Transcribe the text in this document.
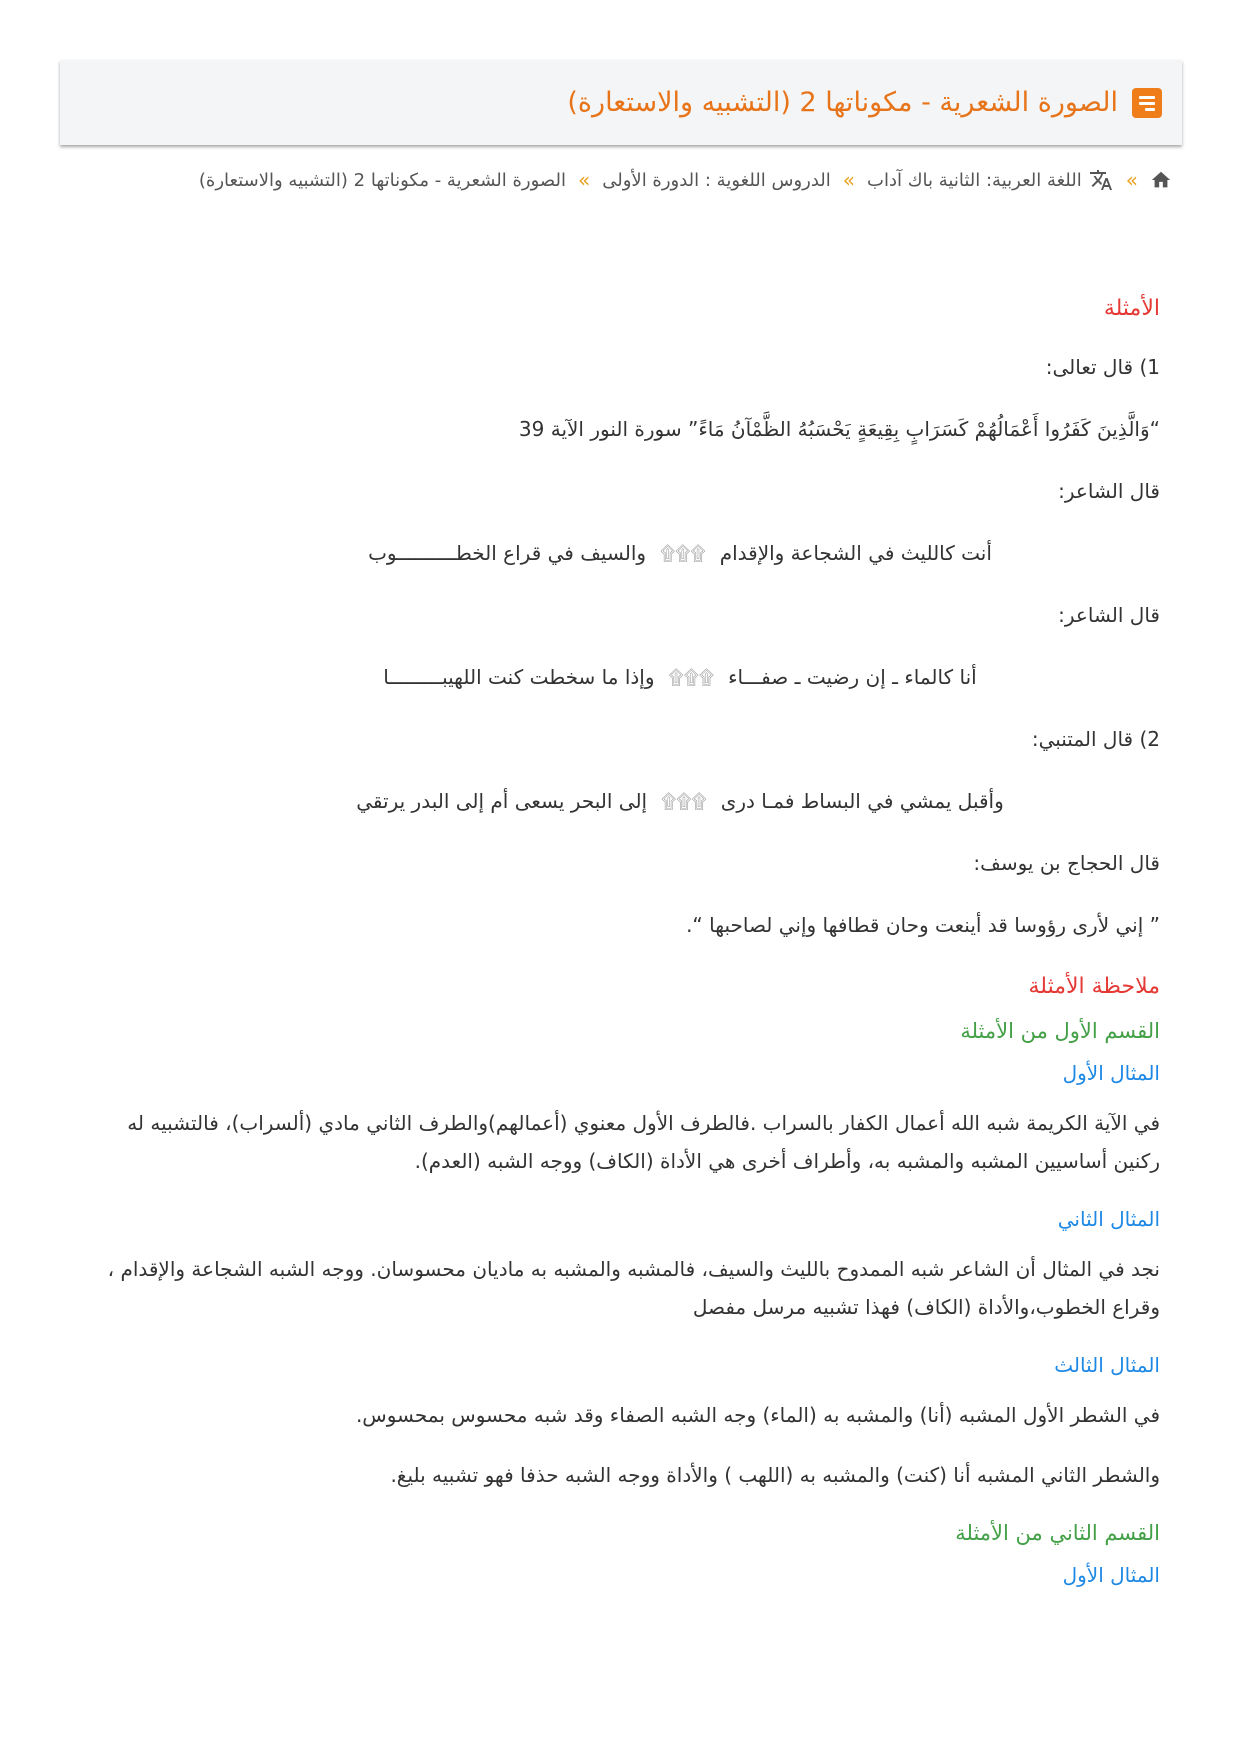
الصورة الشعرية - مكوناتها 2 (التشبيه والاستعارة)
»
اللغة العربية: الثانية باك آداب
»
الدروس اللغوية : الدورة الأولى
»
الصورة الشعرية - مكوناتها 2 (التشبيه والاستعارة)

الأمثلة

1) قال تعالى:

“وَالَّذِينَ كَفَرُوا أَعْمَالُهُمْ كَسَرَابٍ بِقِيعَةٍ يَحْسَبُهُ الظَّمْآنُ مَاءً” سورة النور الآية 39

قال الشاعر:

أنت كالليث في الشجاعة والإقدام۩۩۩والسيف في قراع الخطــــــــــوب

قال الشاعر:

أنا كالماء ـ إن رضيت ـ صفـــاء۩۩۩وإذا ما سخطت كنت اللهيبـــــــــا

2) قال المتنبي:

وأقبل يمشي في البساط فمـا درى۩۩۩إلى البحر يسعى أم إلى البدر يرتقي

قال الحجاج بن يوسف:

” إني لأرى رؤوسا قد أينعت وحان قطافها وإني لصاحبها “.

ملاحظة الأمثلة

القسم الأول من الأمثلة

المثال الأول

في الآية الكريمة شبه الله أعمال الكفار بالسراب .فالطرف الأول معنوي (أعمالهم)والطرف الثاني مادي (ألسراب)، فالتشبيه له ركنين أساسيين المشبه والمشبه به، وأطراف أخرى هي الأداة (الكاف) ووجه الشبه (العدم).

المثال الثاني

نجد في المثال أن الشاعر شبه الممدوح بالليث والسيف، فالمشبه والمشبه به ماديان محسوسان. ووجه الشبه الشجاعة والإقدام ، وقراع الخطوب،والأداة (الكاف) فهذا تشبيه مرسل مفصل

المثال الثالث

في الشطر الأول المشبه (أنا) والمشبه به (الماء) وجه الشبه الصفاء وقد شبه محسوس بمحسوس.

والشطر الثاني المشبه أنا (كنت) والمشبه به (اللهب ) والأداة ووجه الشبه حذفا فهو تشبيه بليغ.

القسم الثاني من الأمثلة

المثال الأول
